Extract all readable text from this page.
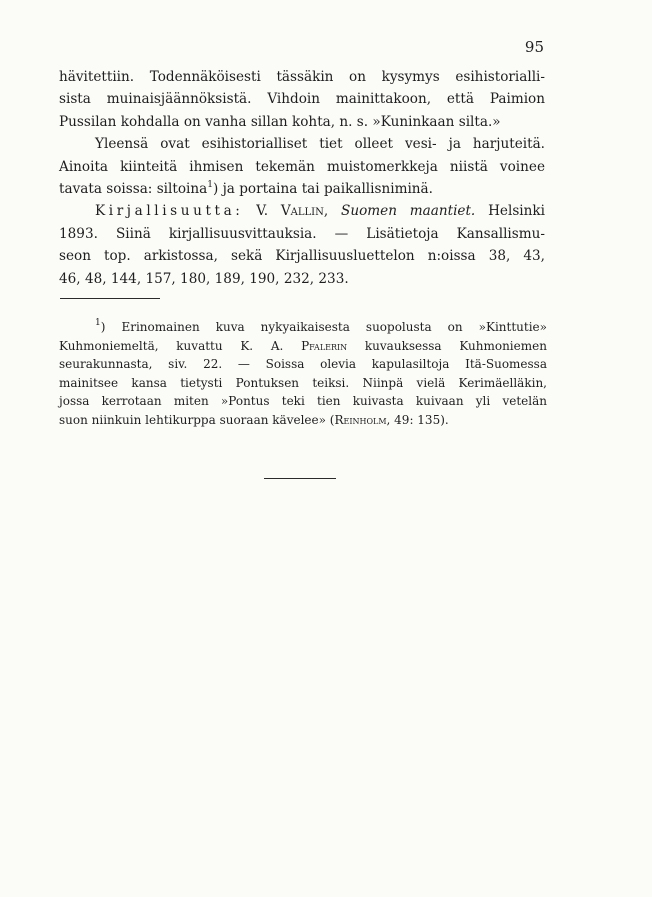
95
hävitettiin. Todennäköisesti tässäkin on kysymys esihistorialli-
sista muinaisjäännöksistä. Vihdoin mainittakoon, että Paimion
Pussilan kohdalla on vanha sillan kohta, n. s. »Kuninkaan silta.»
Yleensä ovat esihistorialliset tiet olleet vesi- ja harjuteitä.
Ainoita kiinteitä ihmisen tekemän muistomerkkeja niistä voinee
tavata soissa: siltoina$^1$) ja portaina tai paikallisniminä.
Kirjallisuutta: V. Vallin, Suomen maantiet. Helsinki
1893. Siinä kirjallisuusvittauksia. — Lisätietoja Kansallismu-
seon top. arkistossa, sekä Kirjallisuusluettelon n:oissa 38, 43,
46, 48, 144, 157, 180, 189, 190, 232, 233.
$^1$) Erinomainen kuva nykyaikaisesta suopolusta on »Kinttutie»
Kuhmoniemeltä, kuvattu K. A. Pfalerin kuvauksessa Kuhmoniemen
seurakunnasta, siv. 22. — Soissa olevia kapulasiltoja Itä-Suomessa
mainitsee kansa tietysti Pontuksen teiksi. Niinpä vielä Kerimäelläkin,
jossa kerrotaan miten »Pontus teki tien kuivasta kuivaan yli vetelän
suon niinkuin lehtikurppa suoraan kävelee» (Reinholm, 49: 135).
